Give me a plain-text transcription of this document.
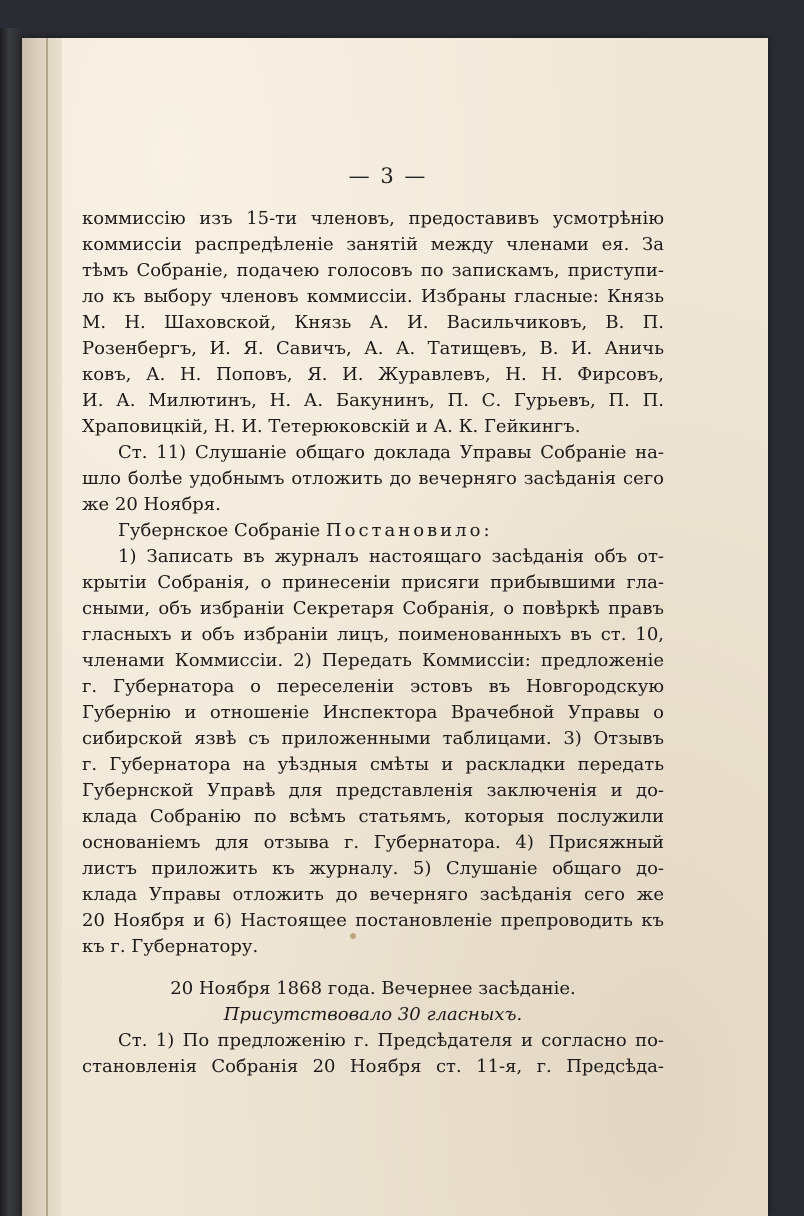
— 3 —

коммиссію изъ 15-ти членовъ, предоставивъ усмотрѣнію

коммиссіи распредѣленіе занятій между членами ея. За

тѣмъ Собраніе, подачею голосовъ по запискамъ, приступи-

ло къ выбору членовъ коммиссіи. Избраны гласные: Князь

М. Н. Шаховской, Князь А. И. Васильчиковъ, В. П.

Розенбергъ, И. Я. Савичъ, А. А. Татищевъ, В. И. Аничь

ковъ, А. Н. Поповъ, Я. И. Журавлевъ, Н. Н. Фирсовъ,

И. А. Милютинъ, Н. А. Бакунинъ, П. С. Гурьевъ, П. П.

Храповицкій, Н. И. Тетерюковскій и А. К. Гейкингъ.

Ст. 11) Слушаніе общаго доклада Управы Собраніе на-

шло болѣе удобнымъ отложить до вечерняго засѣданія сего

же 20 Ноября.

Губернское Собраніе Постановило:

1) Записать въ журналъ настоящаго засѣданія объ от-

крытіи Собранія, о принесеніи присяги прибывшими гла-

сными, объ избраніи Секретаря Собранія, о повѣркѣ правъ

гласныхъ и объ избраніи лицъ, поименованныхъ въ ст. 10,

членами Коммиссіи. 2) Передать Коммиссіи: предложеніе

г. Губернатора о переселеніи эстовъ въ Новгородскую

Губернію и отношеніе Инспектора Врачебной Управы о

сибирской язвѣ съ приложенными таблицами. 3) Отзывъ

г. Губернатора на уѣздныя смѣты и раскладки передать

Губернской Управѣ для представленія заключенія и до-

клада Собранію по всѣмъ статьямъ, которыя послужили

основаніемъ для отзыва г. Губернатора. 4) Присяжный

листъ приложить къ журналу. 5) Слушаніе общаго до-

клада Управы отложить до вечерняго засѣданія сего же

20 Ноября и 6) Настоящее постановленіе препроводить къ

къ г. Губернатору.

20 Ноября 1868 года. Вечернее засѣданіе.

Присутствовало 30 гласныхъ.

Ст. 1) По предложенію г. Предсѣдателя и согласно по-

становленія Собранія 20 Ноября ст. 11-я, г. Предсѣда-
